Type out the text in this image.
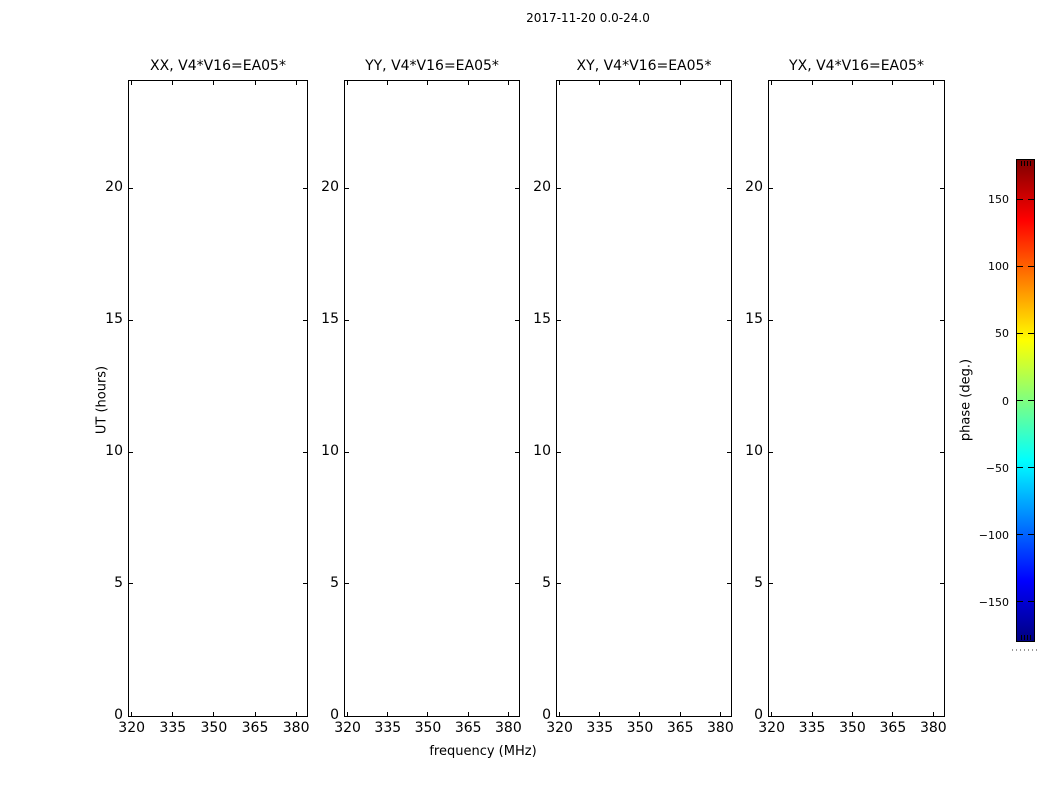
2017-11-20 0.0-24.0
UT (hours)
frequency (MHz)
XX, V4*V16=EA05*
320 335 350 365 380
0
5
10
15
20
YY, V4*V16=EA05*
320 335 350 365 380
0
5
10
15
20
XY, V4*V16=EA05*
320 335 350 365 380
0
5
10
15
20
YX, V4*V16=EA05*
320 335 350 365 380
0
5
10
15
20
150
100
50
0
−50
−100
−150
phase (deg.)
